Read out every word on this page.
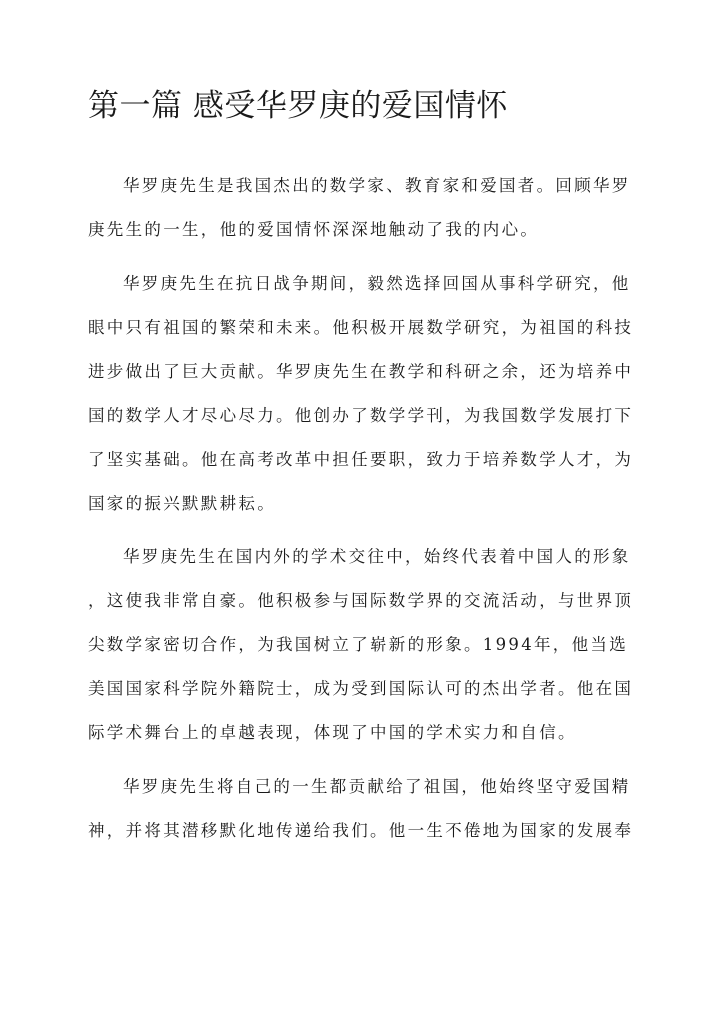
第一篇 感受华罗庚的爱国情怀
华罗庚先生是我国杰出的数学家、教育家和爱国者。回顾华罗
庚先生的一生，他的爱国情怀深深地触动了我的内心。
华罗庚先生在抗日战争期间，毅然选择回国从事科学研究，他
眼中只有祖国的繁荣和未来。他积极开展数学研究，为祖国的科技
进步做出了巨大贡献。华罗庚先生在教学和科研之余，还为培养中
国的数学人才尽心尽力。他创办了数学学刊，为我国数学发展打下
了坚实基础。他在高考改革中担任要职，致力于培养数学人才，为
国家的振兴默默耕耘。
华罗庚先生在国内外的学术交往中，始终代表着中国人的形象
，这使我非常自豪。他积极参与国际数学界的交流活动，与世界顶
尖数学家密切合作，为我国树立了崭新的形象。1994年，他当选
美国国家科学院外籍院士，成为受到国际认可的杰出学者。他在国
际学术舞台上的卓越表现，体现了中国的学术实力和自信。
华罗庚先生将自己的一生都贡献给了祖国，他始终坚守爱国精
神，并将其潜移默化地传递给我们。他一生不倦地为国家的发展奉
